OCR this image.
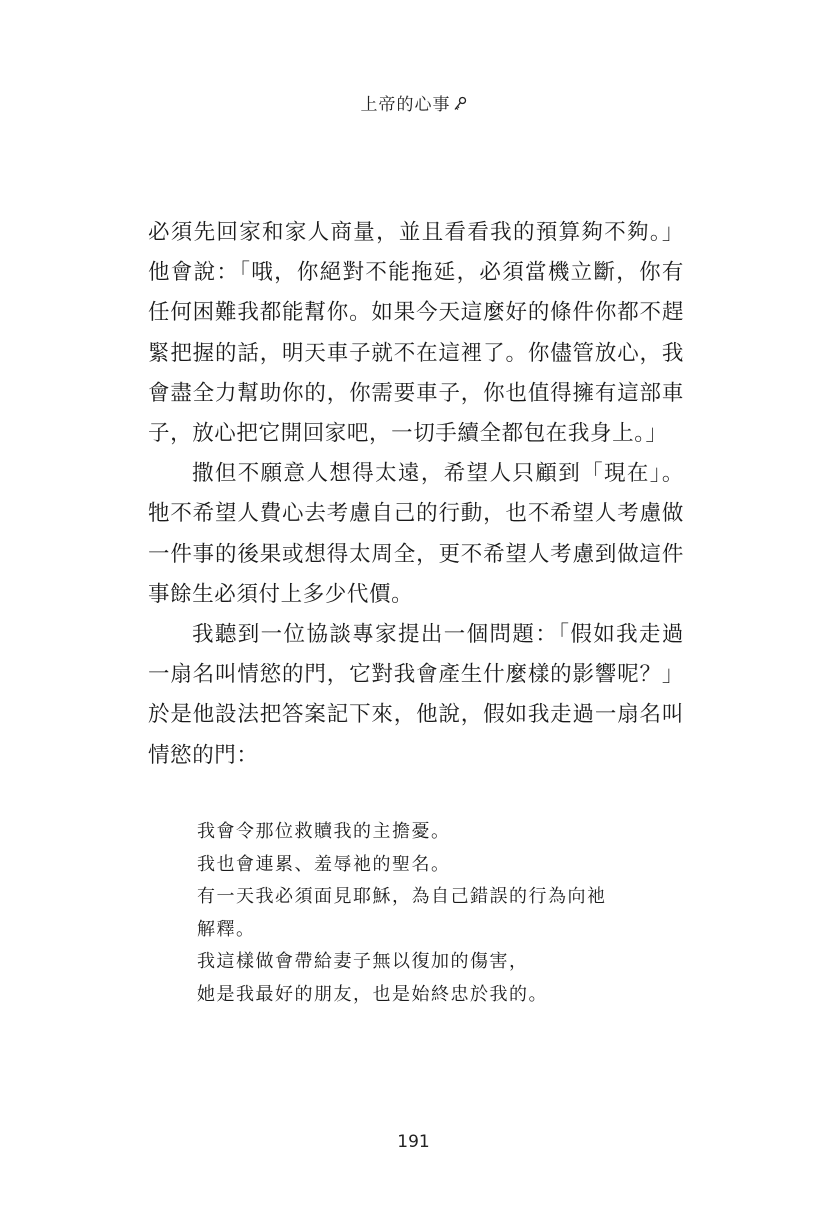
上帝的心事

必須先回家和家人商量，並且看看我的預算夠不夠。」他會說：「哦，你絕對不能拖延，必須當機立斷，你有任何困難我都能幫你。如果今天這麼好的條件你都不趕緊把握的話，明天車子就不在這裡了。你儘管放心，我會盡全力幫助你的，你需要車子，你也值得擁有這部車子，放心把它開回家吧，一切手續全都包在我身上。」

撒但不願意人想得太遠，希望人只顧到「現在」。牠不希望人費心去考慮自己的行動，也不希望人考慮做一件事的後果或想得太周全，更不希望人考慮到做這件事餘生必須付上多少代價。

我聽到一位協談專家提出一個問題：「假如我走過一扇名叫情慾的門，它對我會產生什麼樣的影響呢？」於是他設法把答案記下來，他說，假如我走過一扇名叫情慾的門：

我會令那位救贖我的主擔憂。
我也會連累、羞辱祂的聖名。
有一天我必須面見耶穌，為自己錯誤的行為向祂
解釋。
我這樣做會帶給妻子無以復加的傷害，
她是我最好的朋友，也是始終忠於我的。
191
